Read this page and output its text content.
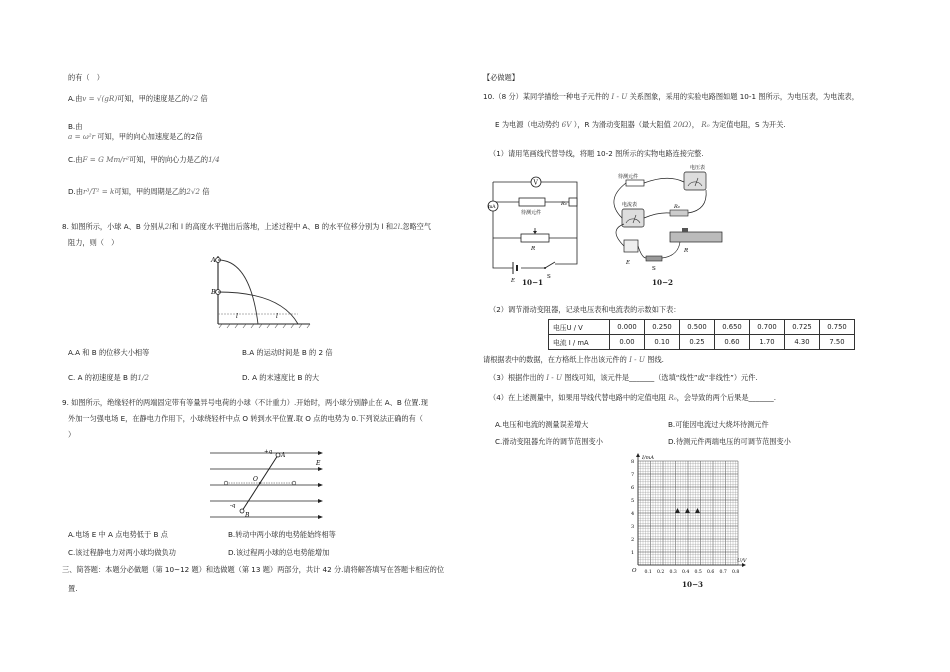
的有（　）
A.由v = √(gR)可知，甲的速度是乙的√2 倍
B.由
a = ω²r 可知，甲的向心加速度是乙的2倍
C.由F = G Mm/r²可知，甲的向心力是乙的1/4
D.由r³/T² = k可知，甲的周期是乙的2√2 倍
8. 如图所示，小球 A、B 分别从2l和 l 的高度水平抛出后落地，上述过程中 A、B 的水平位移分别为 l 和2l.忽略空气
阻力，则（　）
A
B
l	l
A.A 和 B 的位移大小相等	B.A 的运动时间是 B 的 2 倍
C. A 的初速度是 B 的1/2	D. A 的末速度比 B 的大
9. 如图所示，绝缘轻杆的两端固定带有等量异号电荷的小球（不计重力）.开始时，两小球分别静止在 A、B 位置.现
外加一匀强电场 E，在静电力作用下，小球绕轻杆中点 O 转到水平位置.取 O 点的电势为 0.下列说法正确的有（
）
+q A
O
-q
B
E
A.电场 E 中 A 点电势低于 B 点	B.转动中两小球的电势能始终相等
C.该过程静电力对两小球均做负功	D.该过程两小球的总电势能增加
三、简答题：本题分必做题（第 10~12 题）和选做题（第 13 题）两部分，共计 42 分.请将解答填写在答题卡相应的位
置.
【必做题】
10.（8 分）某同学描绘一种电子元件的 I - U 关系图象，采用的实验电路图如题 10-1 图所示，为电压表，为电流表，
E 为电源（电动势约 6V ），R 为滑动变阻器（最大阻值 20Ω）， R₀ 为定值电阻，S 为开关.
（1）请用笔画线代替导线，将题 10-2 图所示的实物电路连接完整.
V
mA
待测元件
R₀
R
E
S
10−1
电压表
待测元件
电流表	R₀
R
E
S
10−2
（2）调节滑动变阻器，记录电压表和电流表的示数如下表：
电压U / V	0.000	0.250	0.500	0.650	0.700	0.725	0.750
电流 I / mA	0.00	0.10	0.25	0.60	1.70	4.30	7.50
请根据表中的数据，在方格纸上作出该元件的 I - U 图线.
（3）根据作出的 I - U 图线可知，该元件是_______（选填“线性”或“非线性”）元件.
（4）在上述测量中，如果用导线代替电路中的定值电阻 R₀，会导致的两个后果是_______.
A.电压和电流的测量误差增大	B.可能因电流过大烧坏待测元件
C.滑动变阻器允许的调节范围变小	D.待测元件两端电压的可调节范围变小
I/mA
U/V
O
1
2
3
4
5
6
7
8
0.1 0.2 0.3 0.4 0.5 0.6 0.7 0.8
10−3
